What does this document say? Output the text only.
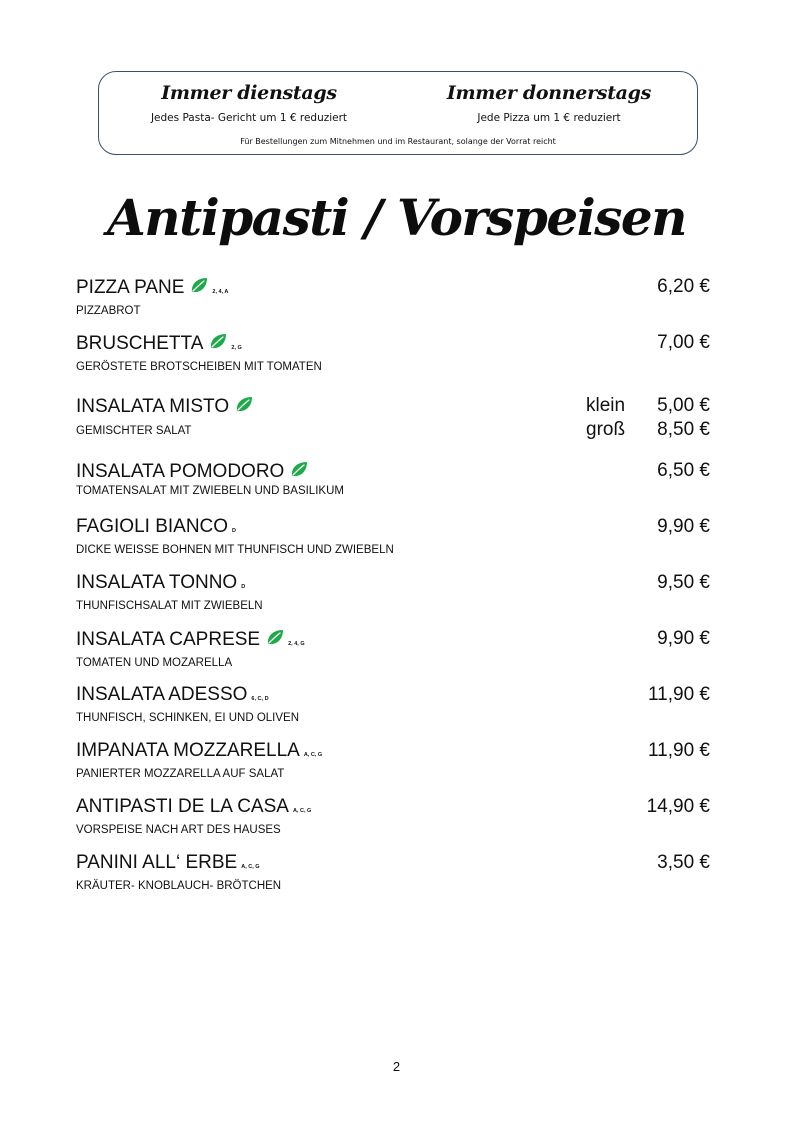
Immer dienstags
Jedes Pasta- Gericht um 1 € reduziert
Immer donnerstags
Jede Pizza um 1 € reduziert
Für Bestellungen zum Mitnehmen und im Restaurant, solange der Vorrat reicht
Antipasti / Vorspeisen
PIZZA PANE	2, 4, A
PIZZABROT
6,20 €
BRUSCHETTA	2, G
GERÖSTETE BROTSCHEIBEN MIT TOMATEN
7,00 €
INSALATA MISTO
GEMISCHTER SALAT
klein 5,00 €
groß 8,50 €
INSALATA POMODORO
TOMATENSALAT MIT ZWIEBELN UND BASILIKUM
6,50 €
FAGIOLI BIANCO D
DICKE WEISSE BOHNEN MIT THUNFISCH UND ZWIEBELN
9,90 €
INSALATA TONNO D
THUNFISCHSALAT MIT ZWIEBELN
9,50 €
INSALATA CAPRESE	2, 4, G
TOMATEN UND MOZARELLA
9,90 €
INSALATA ADESSO 6, C, D
THUNFISCH, SCHINKEN, EI UND OLIVEN
11,90 €
IMPANATA MOZZARELLA A, C, G
PANIERTER MOZZARELLA AUF SALAT
11,90 €
ANTIPASTI DE LA CASA A, C, G
VORSPEISE NACH ART DES HAUSES
14,90 €
PANINI ALL‘ ERBE A, C, G
KRÄUTER- KNOBLAUCH- BRÖTCHEN
3,50 €
2
